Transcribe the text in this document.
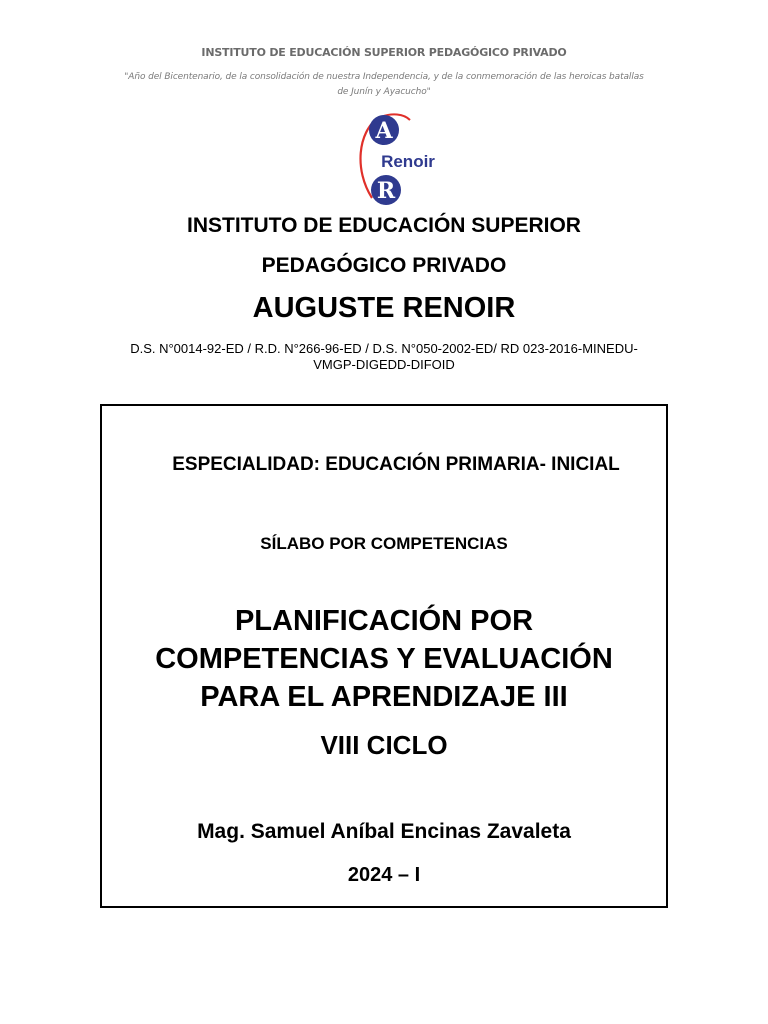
INSTITUTO DE EDUCACIÓN SUPERIOR PEDAGÓGICO PRIVADO
"Año del Bicentenario, de la consolidación de nuestra Independencia, y de la conmemoración de las heroicas batallas
de Junín y Ayacucho"
A
Renoir
R
INSTITUTO DE EDUCACIÓN SUPERIOR
PEDAGÓGICO PRIVADO
AUGUSTE RENOIR
D.S. N°0014-92-ED / R.D. N°266-96-ED / D.S. N°050-2002-ED/ RD 023-2016-MINEDU-
VMGP-DIGEDD-DIFOID
ESPECIALIDAD: EDUCACIÓN PRIMARIA- INICIAL
SÍLABO POR COMPETENCIAS
PLANIFICACIÓN POR
COMPETENCIAS Y EVALUACIÓN
PARA EL APRENDIZAJE III
VIII CICLO
Mag. Samuel Aníbal Encinas Zavaleta
2024 – I
